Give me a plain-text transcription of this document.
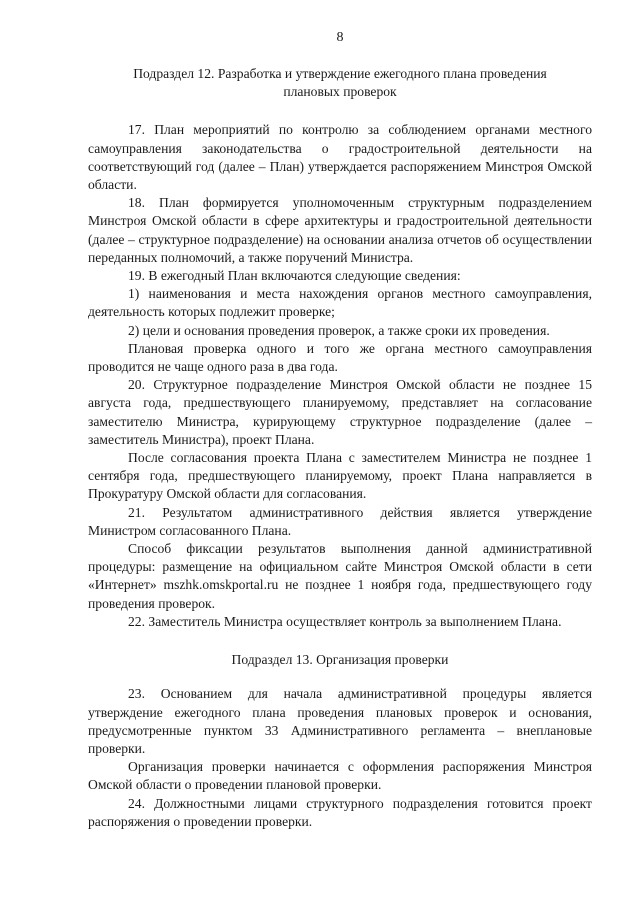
8

Подраздел 12. Разработка и утверждение ежегодного плана проведения плановых проверок

17. План мероприятий по контролю за соблюдением органами местного самоуправления законодательства о градостроительной деятельности на соответствующий год (далее – План) утверждается распоряжением Минстроя Омской области.

18. План формируется уполномоченным структурным подразделением Минстроя Омской области в сфере архитектуры и градостроительной деятельности (далее – структурное подразделение) на основании анализа отчетов об осуществлении переданных полномочий, а также поручений Министра.

19. В ежегодный План включаются следующие сведения:

1) наименования и места нахождения органов местного самоуправления, деятельность которых подлежит проверке;

2) цели и основания проведения проверок, а также сроки их проведения.

Плановая проверка одного и того же органа местного самоуправления проводится не чаще одного раза в два года.

20. Структурное подразделение Минстроя Омской области не позднее 15 августа года, предшествующего планируемому, представляет на согласование заместителю Министра, курирующему структурное подразделение (далее – заместитель Министра), проект Плана.

После согласования проекта Плана с заместителем Министра не позднее 1 сентября года, предшествующего планируемому, проект Плана направляется в Прокуратуру Омской области для согласования.

21. Результатом административного действия является утверждение Министром согласованного Плана.

Способ фиксации результатов выполнения данной административной процедуры: размещение на официальном сайте Минстроя Омской области в сети «Интернет» mszhk.omskportal.ru не позднее 1 ноября года, предшествующего году проведения проверок.

22. Заместитель Министра осуществляет контроль за выполнением Плана.

Подраздел 13. Организация проверки

23. Основанием для начала административной процедуры является утверждение ежегодного плана проведения плановых проверок и основания, предусмотренные пунктом 33 Административного регламента – внеплановые проверки.

Организация проверки начинается с оформления распоряжения Минстроя Омской области о проведении плановой проверки.

24. Должностными лицами структурного подразделения готовится проект распоряжения о проведении проверки.
